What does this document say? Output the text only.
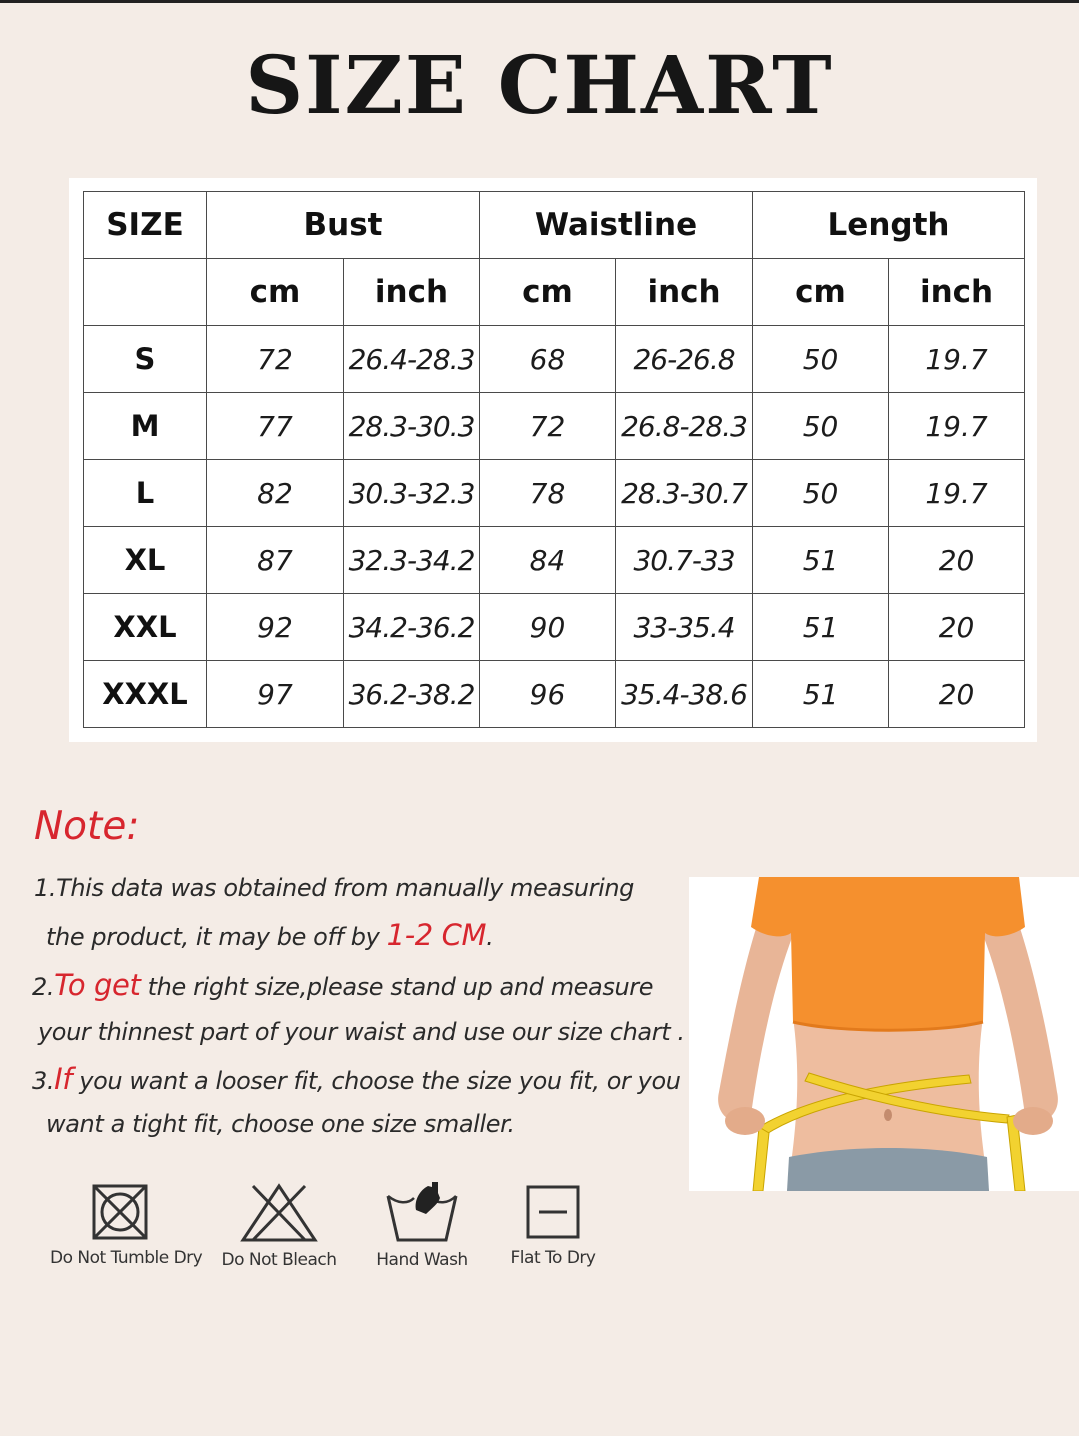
SIZE CHART
SIZE	Bust		Waistline		Length	
	cm	inch	cm	inch	cm	inch
S	72	26.4-28.3	68	26-26.8	50	19.7
M	77	28.3-30.3	72	26.8-28.3	50	19.7
L	82	30.3-32.3	78	28.3-30.7	50	19.7
XL	87	32.3-34.2	84	30.7-33	51	20
XXL	92	34.2-36.2	90	33-35.4	51	20
XXXL	97	36.2-38.2	96	35.4-38.6	51	20
Note:
1.This data was obtained from manually measuring
the product, it may be off by 1-2 CM.
2.To get the right size,please stand up and measure
your thinnest part of your waist and use our size chart .
3.If you want a looser fit, choose the size you fit, or you
want a tight fit, choose one size smaller.
Do Not Tumble Dry Do Not Bleach	Hand Wash	Flat To Dry
